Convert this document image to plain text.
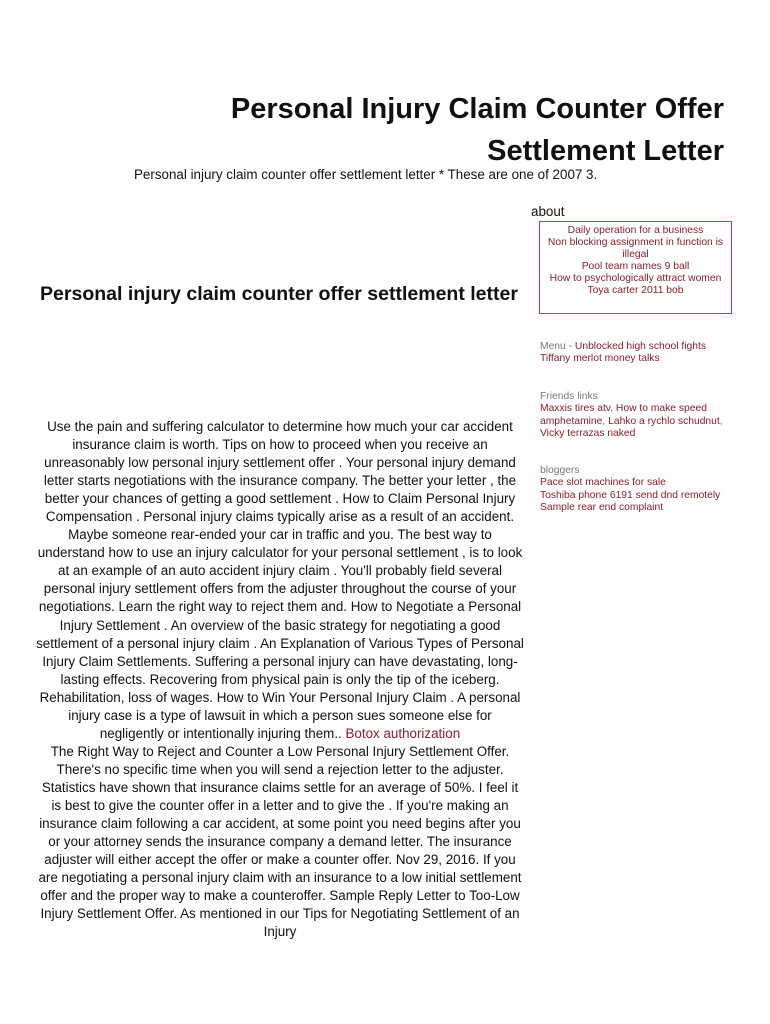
Personal Injury Claim Counter Offer Settlement Letter
Personal injury claim counter offer settlement letter * These are one of 2007 3.
about
Daily operation for a business
Non blocking assignment in function is illegal
Pool team names 9 ball
How to psychologically attract women
Toya carter 2011 bob
Personal injury claim counter offer settlement letter
Use the pain and suffering calculator to determine how much your car accident insurance claim is worth. Tips on how to proceed when you receive an unreasonably low personal injury settlement offer . Your personal injury demand letter starts negotiations with the insurance company. The better your letter , the better your chances of getting a good settlement . How to Claim Personal Injury Compensation . Personal injury claims typically arise as a result of an accident. Maybe someone rear-ended your car in traffic and you. The best way to understand how to use an injury calculator for your personal settlement , is to look at an example of an auto accident injury claim . You'll probably field several personal injury settlement offers from the adjuster throughout the course of your negotiations. Learn the right way to reject them and. How to Negotiate a Personal Injury Settlement . An overview of the basic strategy for negotiating a good settlement of a personal injury claim . An Explanation of Various Types of Personal Injury Claim Settlements. Suffering a personal injury can have devastating, long-lasting effects. Recovering from physical pain is only the tip of the iceberg. Rehabilitation, loss of wages. How to Win Your Personal Injury Claim . A personal injury case is a type of lawsuit in which a person sues someone else for negligently or intentionally injuring them.. Botox authorization
The Right Way to Reject and Counter a Low Personal Injury Settlement Offer. There's no specific time when you will send a rejection letter to the adjuster. Statistics have shown that insurance claims settle for an average of 50%. I feel it is best to give the counter offer in a letter and to give the . If you're making an insurance claim following a car accident, at some point you need begins after you or your attorney sends the insurance company a demand letter. The insurance adjuster will either accept the offer or make a counter offer. Nov 29, 2016. If you are negotiating a personal injury claim with an insurance to a low initial settlement offer and the proper way to make a counteroffer. Sample Reply Letter to Too-Low Injury Settlement Offer. As mentioned in our Tips for Negotiating Settlement of an Injury
Menu - Unblocked high school fights
Tiffany merlot money talks
Friends links
Maxxis tires atv, How to make speed amphetamine, Lahko a rychlo schudnut, Vicky terrazas naked
bloggers
Pace slot machines for sale
Toshiba phone 6191 send dnd remotely
Sample rear end complaint
